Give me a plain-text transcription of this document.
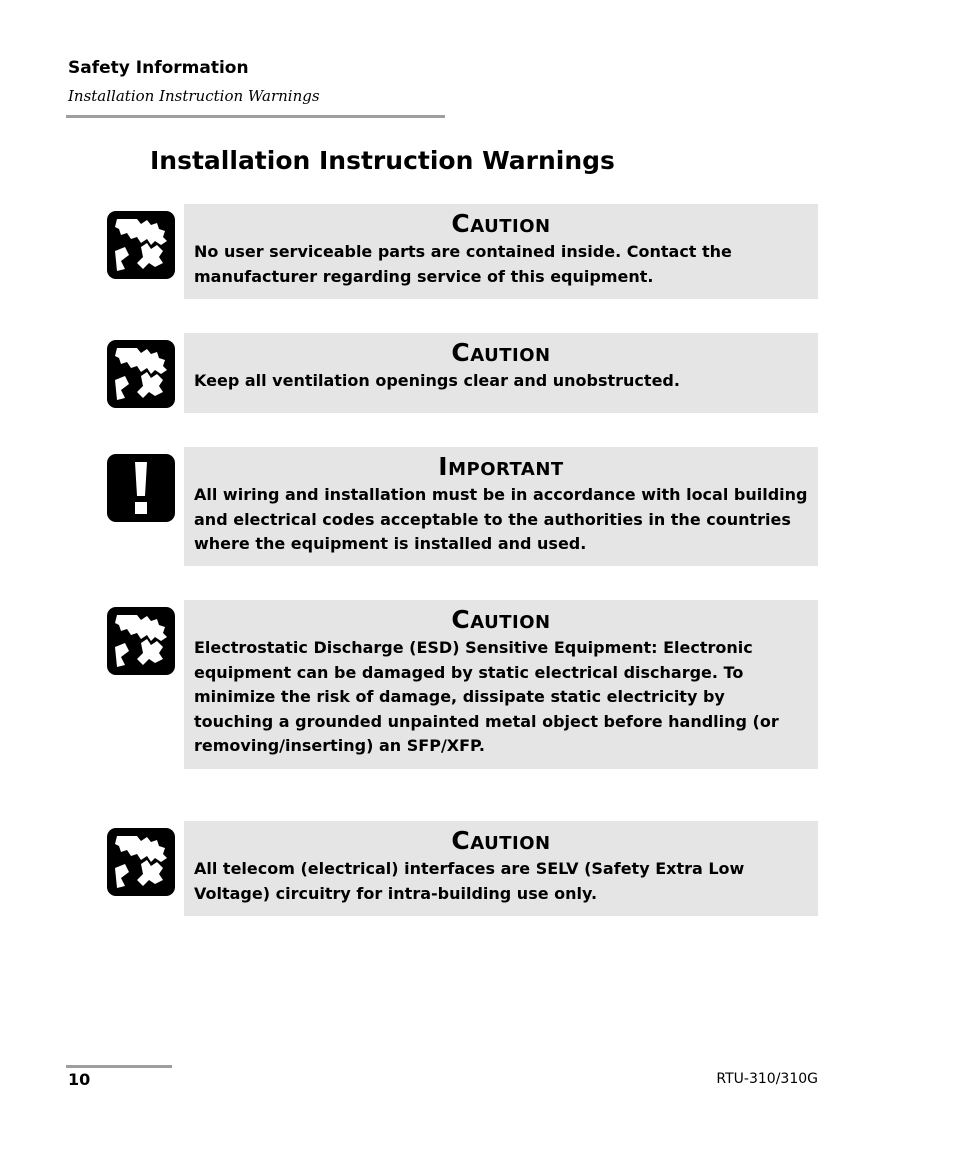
Safety Information
Installation Instruction Warnings
Installation Instruction Warnings
Caution
No user serviceable parts are contained inside. Contact the manufacturer regarding service of this equipment.
Caution
Keep all ventilation openings clear and unobstructed.
Important
All wiring and installation must be in accordance with local building and electrical codes acceptable to the authorities in the countries where the equipment is installed and used.
Caution
Electrostatic Discharge (ESD) Sensitive Equipment: Electronic equipment can be damaged by static electrical discharge. To minimize the risk of damage, dissipate static electricity by touching a grounded unpainted metal object before handling (or removing/inserting) an SFP/XFP.
Caution
All telecom (electrical) interfaces are SELV (Safety Extra Low Voltage) circuitry for intra-building use only.
10	RTU-310/310G
